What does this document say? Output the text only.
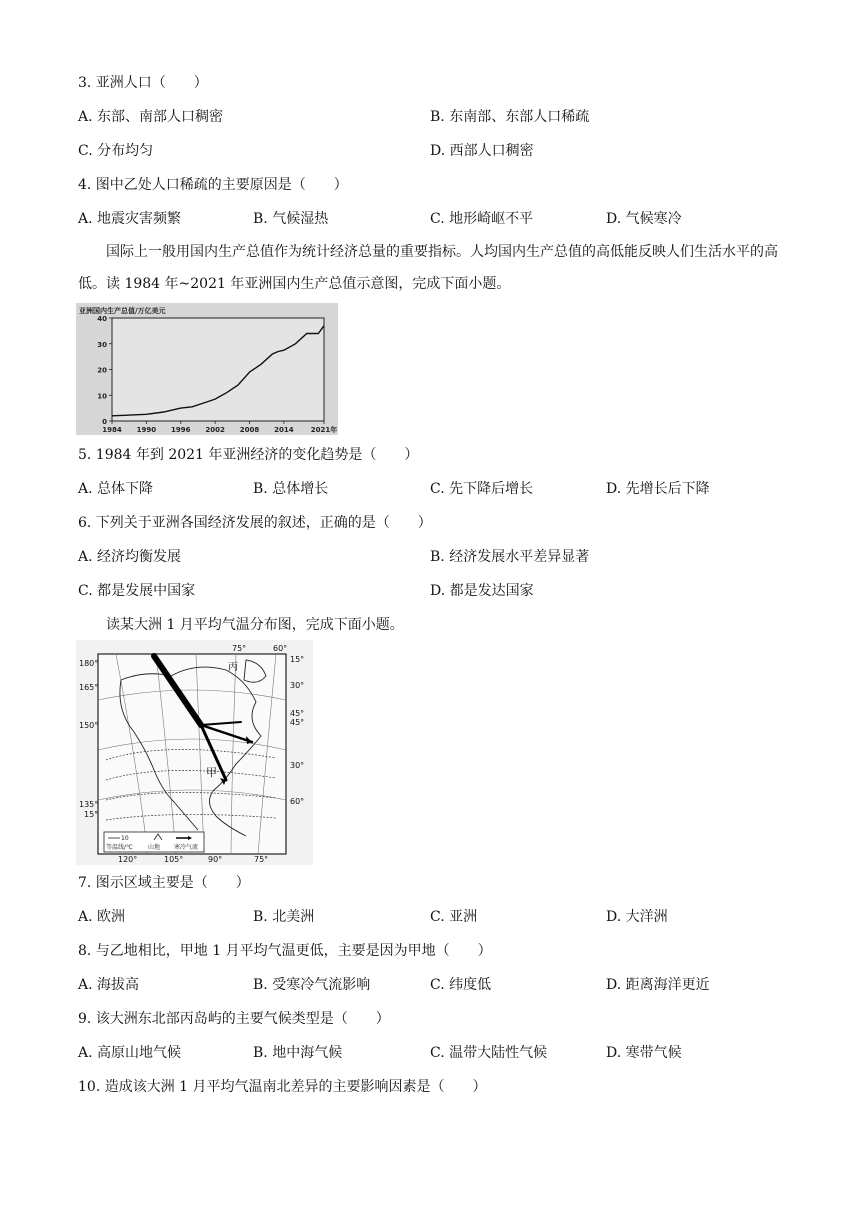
3. 亚洲人口（　　）
A. 东部、南部人口稠密	B. 东南部、东部人口稀疏
C. 分布均匀	D. 西部人口稠密
4. 图中乙处人口稀疏的主要原因是（　　）
A. 地震灾害频繁	B. 气候湿热	C. 地形崎岖不平	D. 气候寒冷
国际上一般用国内生产总值作为统计经济总量的重要指标。人均国内生产总值的高低能反映人们生活水平的高低。读 1984 年~2021 年亚洲国内生产总值示意图，完成下面小题。
亚洲国内生产总值/万亿美元
0
10
20
30
40
1984 1990 1996 2002 2008 2014 2021年
5. 1984 年到 2021 年亚洲经济的变化趋势是（　　）
A. 总体下降	B. 总体增长	C. 先下降后增长	D. 先增长后下降
6. 下列关于亚洲各国经济发展的叙述，正确的是（　　）
A. 经济均衡发展	B. 经济发展水平差异显著
C. 都是发展中国家	D. 都是发达国家
读某大洲 1 月平均气温分布图，完成下面小题。
10
等温线/℃	山地 寒冷气流
丙
甲
75°	60°
180°
165°
150°
135°
15°
15°
30°
45°
45°
30°
60°
120°	105°	90°	75°
7. 图示区域主要是（　　）
A. 欧洲	B. 北美洲	C. 亚洲	D. 大洋洲
8. 与乙地相比，甲地 1 月平均气温更低，主要是因为甲地（　　）
A. 海拔高	B. 受寒冷气流影响	C. 纬度低	D. 距离海洋更近
9. 该大洲东北部丙岛屿的主要气候类型是（　　）
A. 高原山地气候	B. 地中海气候	C. 温带大陆性气候	D. 寒带气候
10. 造成该大洲 1 月平均气温南北差异的主要影响因素是（　　）
